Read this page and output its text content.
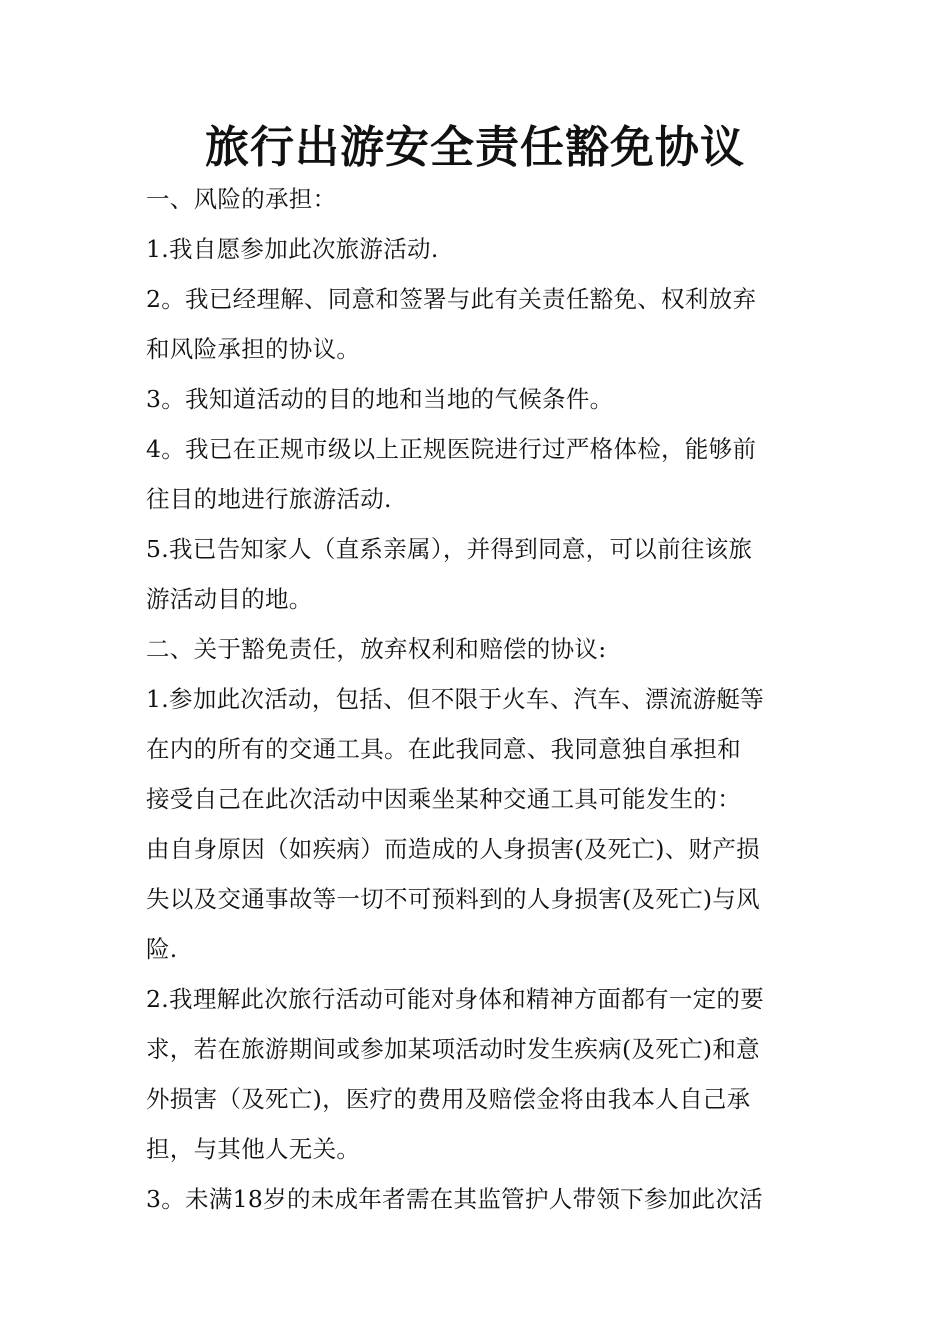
旅行出游安全责任豁免协议

一、风险的承担：

1.我自愿参加此次旅游活动.

2。我已经理解、同意和签署与此有关责任豁免、权利放弃

和风险承担的协议。

3。我知道活动的目的地和当地的气候条件。

4。我已在正规市级以上正规医院进行过严格体检，能够前

往目的地进行旅游活动.

5.我已告知家人（直系亲属），并得到同意，可以前往该旅

游活动目的地。

二、关于豁免责任，放弃权利和赔偿的协议:

1.参加此次活动，包括、但不限于火车、汽车、漂流游艇等

在内的所有的交通工具。在此我同意、我同意独自承担和

接受自己在此次活动中因乘坐某种交通工具可能发生的：

由自身原因（如疾病）而造成的人身损害(及死亡)、财产损

失以及交通事故等一切不可预料到的人身损害(及死亡)与风

险.

2.我理解此次旅行活动可能对身体和精神方面都有一定的要

求，若在旅游期间或参加某项活动时发生疾病(及死亡)和意

外损害（及死亡)，医疗的费用及赔偿金将由我本人自己承

担，与其他人无关。

3。未满18岁的未成年者需在其监管护人带领下参加此次活
